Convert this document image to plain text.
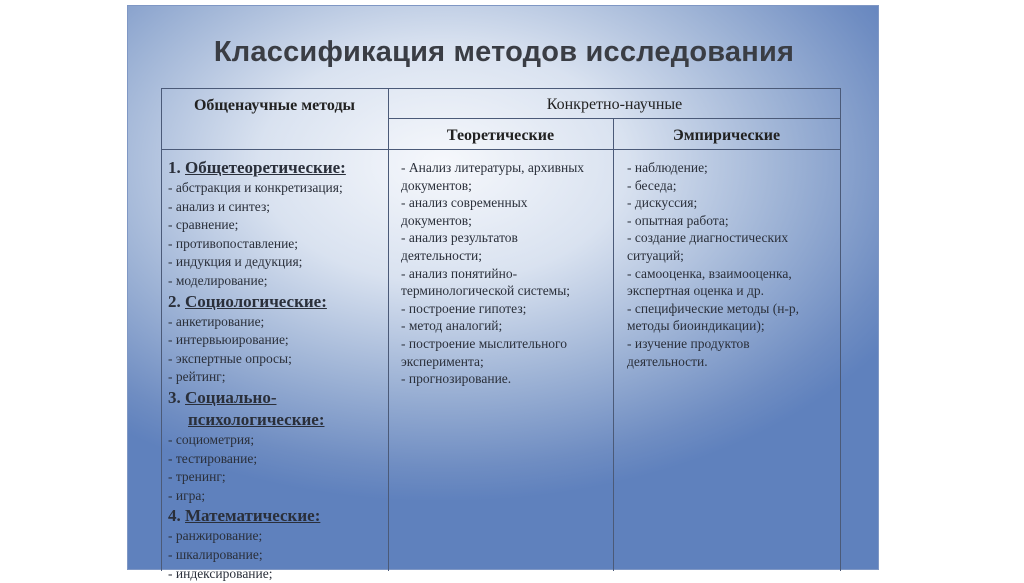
Классификация методов исследования
Общенаучные методы	Конкретно-научные
Теоретические	Эмпирические
1. Общетеоретические:
- абстракция и конкретизация;
- анализ и синтез;
- сравнение;
- противопоставление;
- индукция и дедукция;
- моделирование;
2. Социологические:
- анкетирование;
- интервьюирование;
- экспертные опросы;
- рейтинг;
3. Социально-
психологические:
- социометрия;
- тестирование;
- тренинг;
- игра;
4. Математические:
- ранжирование;
- шкалирование;
- индексирование;
- Анализ литературы, архивных
документов;
- анализ современных
документов;
- анализ результатов
деятельности;
- анализ понятийно-
терминологической системы;
- построение гипотез;
- метод аналогий;
- построение мыслительного
эксперимента;
- прогнозирование.
- наблюдение;
- беседа;
- дискуссия;
- опытная работа;
- создание диагностических
ситуаций;
- самооценка, взаимооценка,
экспертная оценка и др.
- специфические методы (н-р,
методы биоиндикации);
- изучение продуктов
деятельности.
